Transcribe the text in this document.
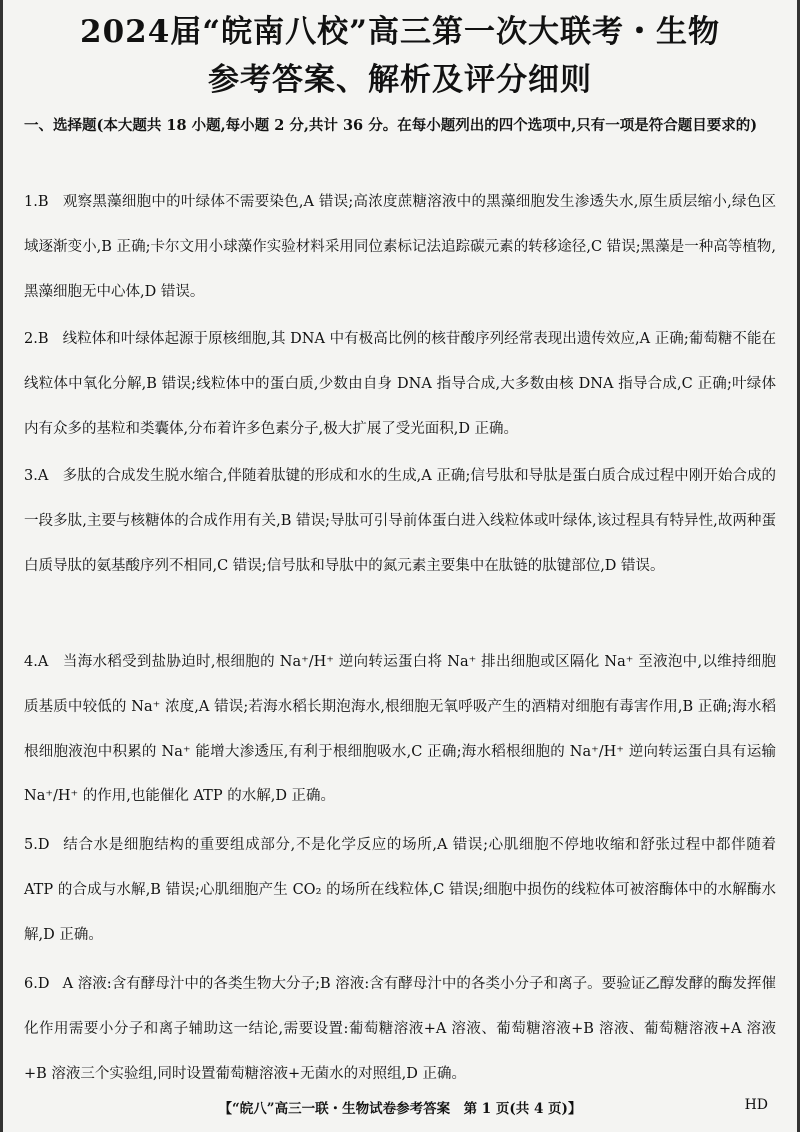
2024届“皖南八校”高三第一次大联考・生物
参考答案、解析及评分细则
一、选择题(本大题共 18 小题,每小题 2 分,共计 36 分。在每小题列出的四个选项中,只有一项是符合题目要求的)
1.B 观察黑藻细胞中的叶绿体不需要染色,A 错误;高浓度蔗糖溶液中的黑藻细胞发生渗透失水,原生质层缩小,绿色区域逐渐变小,B 正确;卡尔文用小球藻作实验材料采用同位素标记法追踪碳元素的转移途径,C 错误;黑藻是一种高等植物,黑藻细胞无中心体,D 错误。
2.B 线粒体和叶绿体起源于原核细胞,其 DNA 中有极高比例的核苷酸序列经常表现出遗传效应,A 正确;葡萄糖不能在线粒体中氧化分解,B 错误;线粒体中的蛋白质,少数由自身 DNA 指导合成,大多数由核 DNA 指导合成,C 正确;叶绿体内有众多的基粒和类囊体,分布着许多色素分子,极大扩展了受光面积,D 正确。
3.A 多肽的合成发生脱水缩合,伴随着肽键的形成和水的生成,A 正确;信号肽和导肽是蛋白质合成过程中刚开始合成的一段多肽,主要与核糖体的合成作用有关,B 错误;导肽可引导前体蛋白进入线粒体或叶绿体,该过程具有特异性,故两种蛋白质导肽的氨基酸序列不相同,C 错误;信号肽和导肽中的氮元素主要集中在肽链的肽键部位,D 错误。
4.A 当海水稻受到盐胁迫时,根细胞的 Na⁺/H⁺ 逆向转运蛋白将 Na⁺ 排出细胞或区隔化 Na⁺ 至液泡中,以维持细胞质基质中较低的 Na⁺ 浓度,A 错误;若海水稻长期泡海水,根细胞无氧呼吸产生的酒精对细胞有毒害作用,B 正确;海水稻根细胞液泡中积累的 Na⁺ 能增大渗透压,有利于根细胞吸水,C 正确;海水稻根细胞的 Na⁺/H⁺ 逆向转运蛋白具有运输 Na⁺/H⁺ 的作用,也能催化 ATP 的水解,D 正确。
5.D 结合水是细胞结构的重要组成部分,不是化学反应的场所,A 错误;心肌细胞不停地收缩和舒张过程中都伴随着 ATP 的合成与水解,B 错误;心肌细胞产生 CO₂ 的场所在线粒体,C 错误;细胞中损伤的线粒体可被溶酶体中的水解酶水解,D 正确。
6.D A 溶液:含有酵母汁中的各类生物大分子;B 溶液:含有酵母汁中的各类小分子和离子。要验证乙醇发酵的酶发挥催化作用需要小分子和离子辅助这一结论,需要设置:葡萄糖溶液+A 溶液、葡萄糖溶液+B 溶液、葡萄糖溶液+A 溶液+B 溶液三个实验组,同时设置葡萄糖溶液+无菌水的对照组,D 正确。
【“皖八”高三一联・生物试卷参考答案　第 1 页(共 4 页)】	HD
